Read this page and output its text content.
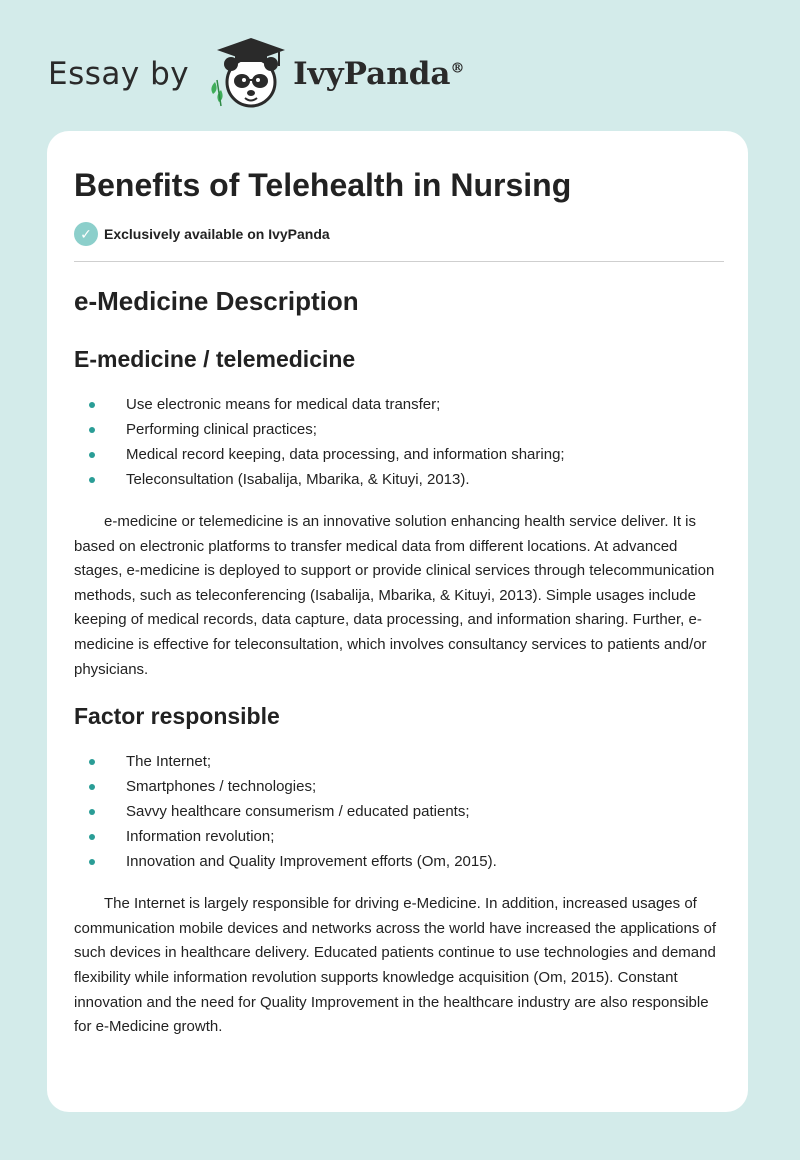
Essay by	IvyPanda®
Benefits of Telehealth in Nursing
✓ Exclusively available on IvyPanda
e-Medicine Description
E-medicine / telemedicine
Use electronic means for medical data transfer;
Performing clinical practices;
Medical record keeping, data processing, and information sharing;
Teleconsultation (Isabalija, Mbarika, & Kituyi, 2013).

e-medicine or telemedicine is an innovative solution enhancing health service deliver. It is based on electronic platforms to transfer medical data from different locations. At advanced stages, e-medicine is deployed to support or provide clinical services through telecommunication methods, such as teleconferencing (Isabalija, Mbarika, & Kituyi, 2013). Simple usages include keeping of medical records, data capture, data processing, and information sharing. Further, e-medicine is effective for teleconsultation, which involves consultancy services to patients and/or physicians.

Factor responsible
The Internet;
Smartphones / technologies;
Savvy healthcare consumerism / educated patients;
Information revolution;
Innovation and Quality Improvement efforts (Om, 2015).

The Internet is largely responsible for driving e-Medicine. In addition, increased usages of communication mobile devices and networks across the world have increased the applications of such devices in healthcare delivery. Educated patients continue to use technologies and demand flexibility while information revolution supports knowledge acquisition (Om, 2015). Constant innovation and the need for Quality Improvement in the healthcare industry are also responsible for e-Medicine growth.
